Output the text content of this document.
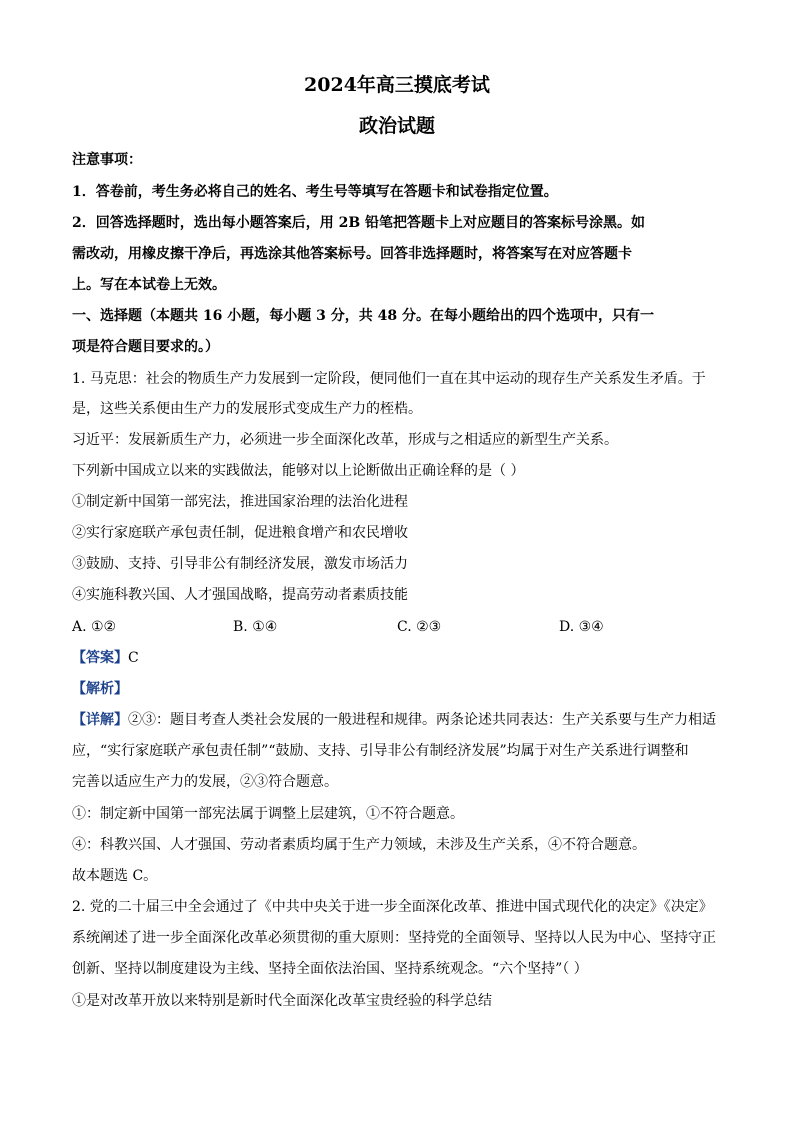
2024年高三摸底考试
政治试题
注意事项：
1．答卷前，考生务必将自己的姓名、考生号等填写在答题卡和试卷指定位置。
2．回答选择题时，选出每小题答案后，用 2B 铅笔把答题卡上对应题目的答案标号涂黑。如
需改动，用橡皮擦干净后，再选涂其他答案标号。回答非选择题时，将答案写在对应答题卡
上。写在本试卷上无效。
一、选择题（本题共 16 小题，每小题 3 分，共 48 分。在每小题给出的四个选项中，只有一
项是符合题目要求的。）
1. 马克思：社会的物质生产力发展到一定阶段，便同他们一直在其中运动的现存生产关系发生矛盾。于
是，这些关系便由生产力的发展形式变成生产力的桎梏。
习近平：发展新质生产力，必须进一步全面深化改革，形成与之相适应的新型生产关系。
下列新中国成立以来的实践做法，能够对以上论断做出正确诠释的是（ ）
①制定新中国第一部宪法，推进国家治理的法治化进程
②实行家庭联产承包责任制，促进粮食增产和农民增收
③鼓励、支持、引导非公有制经济发展，激发市场活力
④实施科教兴国、人才强国战略，提高劳动者素质技能
A. ①②	B. ①④	C. ②③	D. ③④
【答案】C
【解析】
【详解】②③：题目考查人类社会发展的一般进程和规律。两条论述共同表达：生产关系要与生产力相适
应，“实行家庭联产承包责任制”“鼓励、支持、引导非公有制经济发展”均属于对生产关系进行调整和
完善以适应生产力的发展，②③符合题意。
①：制定新中国第一部宪法属于调整上层建筑，①不符合题意。
④：科教兴国、人才强国、劳动者素质均属于生产力领域，未涉及生产关系，④不符合题意。
故本题选 C。
2. 党的二十届三中全会通过了《中共中央关于进一步全面深化改革、推进中国式现代化的决定》《决定》
系统阐述了进一步全面深化改革必须贯彻的重大原则：坚持党的全面领导、坚持以人民为中心、坚持守正
创新、坚持以制度建设为主线、坚持全面依法治国、坚持系统观念。“六个坚持”（ ）
①是对改革开放以来特别是新时代全面深化改革宝贵经验的科学总结
